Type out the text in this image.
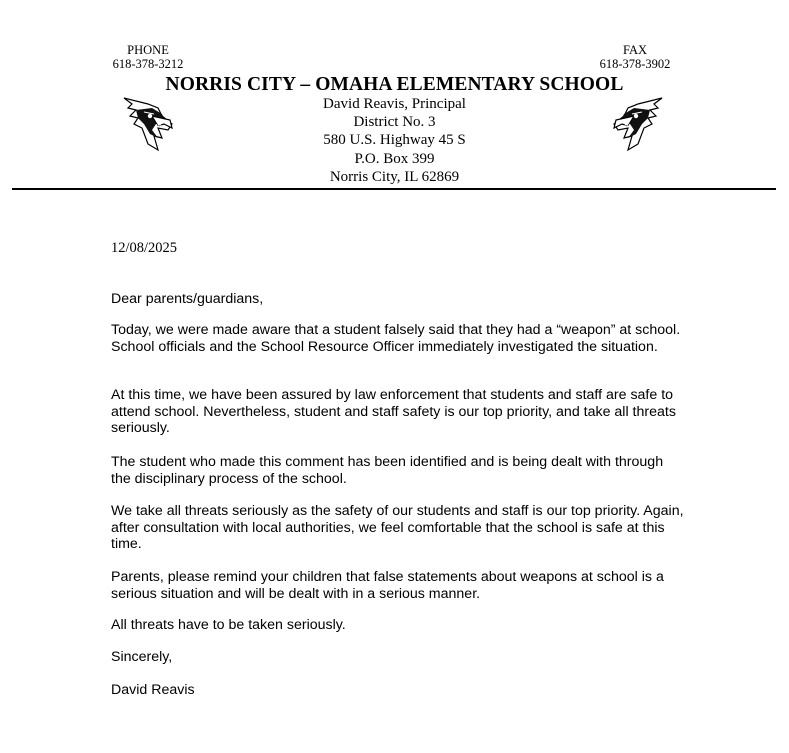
PHONE
618-378-3212
FAX
618-378-3902
NORRIS CITY – OMAHA ELEMENTARY SCHOOL
David Reavis, Principal
District No. 3
580 U.S. Highway 45 S
P.O. Box 399
Norris City, IL 62869
12/08/2025

Dear parents/guardians,

Today, we were made aware that a student falsely said that they had a “weapon” at school. School officials and the School Resource Officer immediately investigated the situation.

At this time, we have been assured by law enforcement that students and staff are safe to attend school. Nevertheless, student and staff safety is our top priority, and take all threats seriously.

The student who made this comment has been identified and is being dealt with through the disciplinary process of the school.

We take all threats seriously as the safety of our students and staff is our top priority. Again, after consultation with local authorities, we feel comfortable that the school is safe at this time.

Parents, please remind your children that false statements about weapons at school is a serious situation and will be dealt with in a serious manner.

All threats have to be taken seriously.

Sincerely,

David Reavis
